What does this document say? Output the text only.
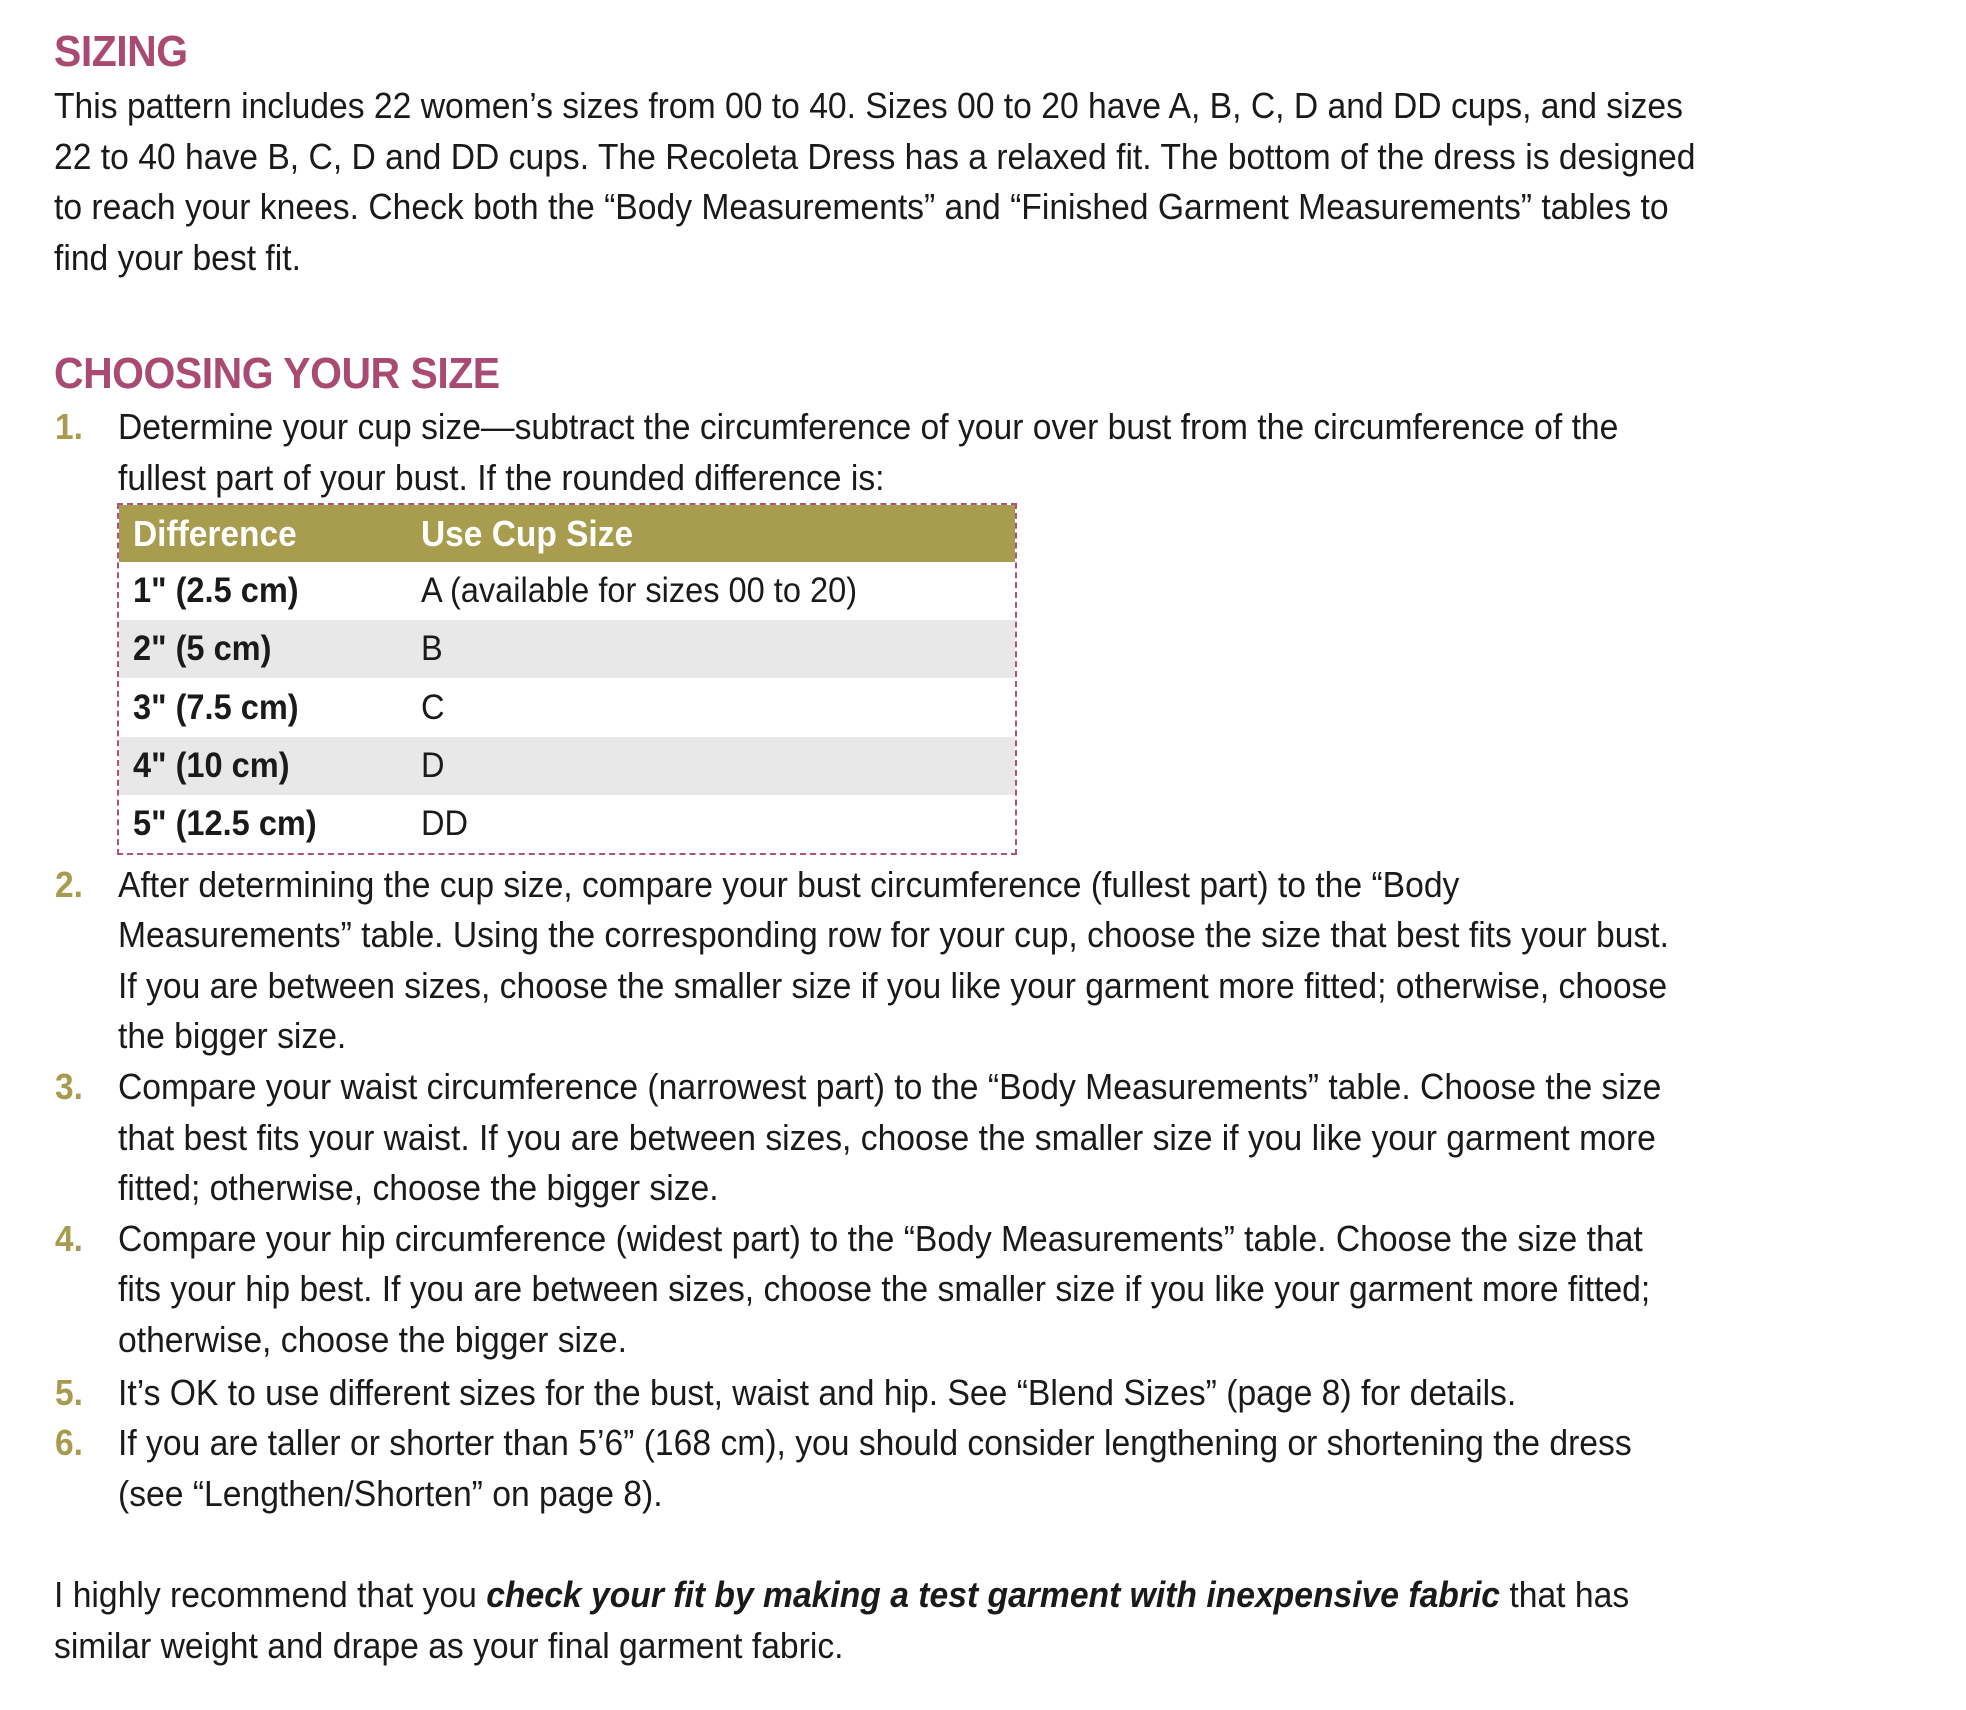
SIZING
This pattern includes 22 women’s sizes from 00 to 40. Sizes 00 to 20 have A, B, C, D and DD cups, and sizes
22 to 40 have B, C, D and DD cups. The Recoleta Dress has a relaxed fit. The bottom of the dress is designed
to reach your knees. Check both the “Body Measurements” and “Finished Garment Measurements” tables to
find your best fit.
CHOOSING YOUR SIZE
1. Determine your cup size—subtract the circumference of your over bust from the circumference of the
fullest part of your bust. If the rounded difference is:
Difference	Use Cup Size
1" (2.5 cm)	A (available for sizes 00 to 20)
2" (5 cm)	B
3" (7.5 cm)	C
4" (10 cm)	D
5" (12.5 cm)	DD
2. After determining the cup size, compare your bust circumference (fullest part) to the “Body
Measurements” table. Using the corresponding row for your cup, choose the size that best fits your bust.
If you are between sizes, choose the smaller size if you like your garment more fitted; otherwise, choose
the bigger size.
3. Compare your waist circumference (narrowest part) to the “Body Measurements” table. Choose the size
that best fits your waist. If you are between sizes, choose the smaller size if you like your garment more
fitted; otherwise, choose the bigger size.
4. Compare your hip circumference (widest part) to the “Body Measurements” table. Choose the size that
fits your hip best. If you are between sizes, choose the smaller size if you like your garment more fitted;
otherwise, choose the bigger size.
5. It’s OK to use different sizes for the bust, waist and hip. See “Blend Sizes” (page 8) for details.
6. If you are taller or shorter than 5’6” (168 cm), you should consider lengthening or shortening the dress
(see “Lengthen/Shorten” on page 8).
I highly recommend that you check your fit by making a test garment with inexpensive fabric that has
similar weight and drape as your final garment fabric.
